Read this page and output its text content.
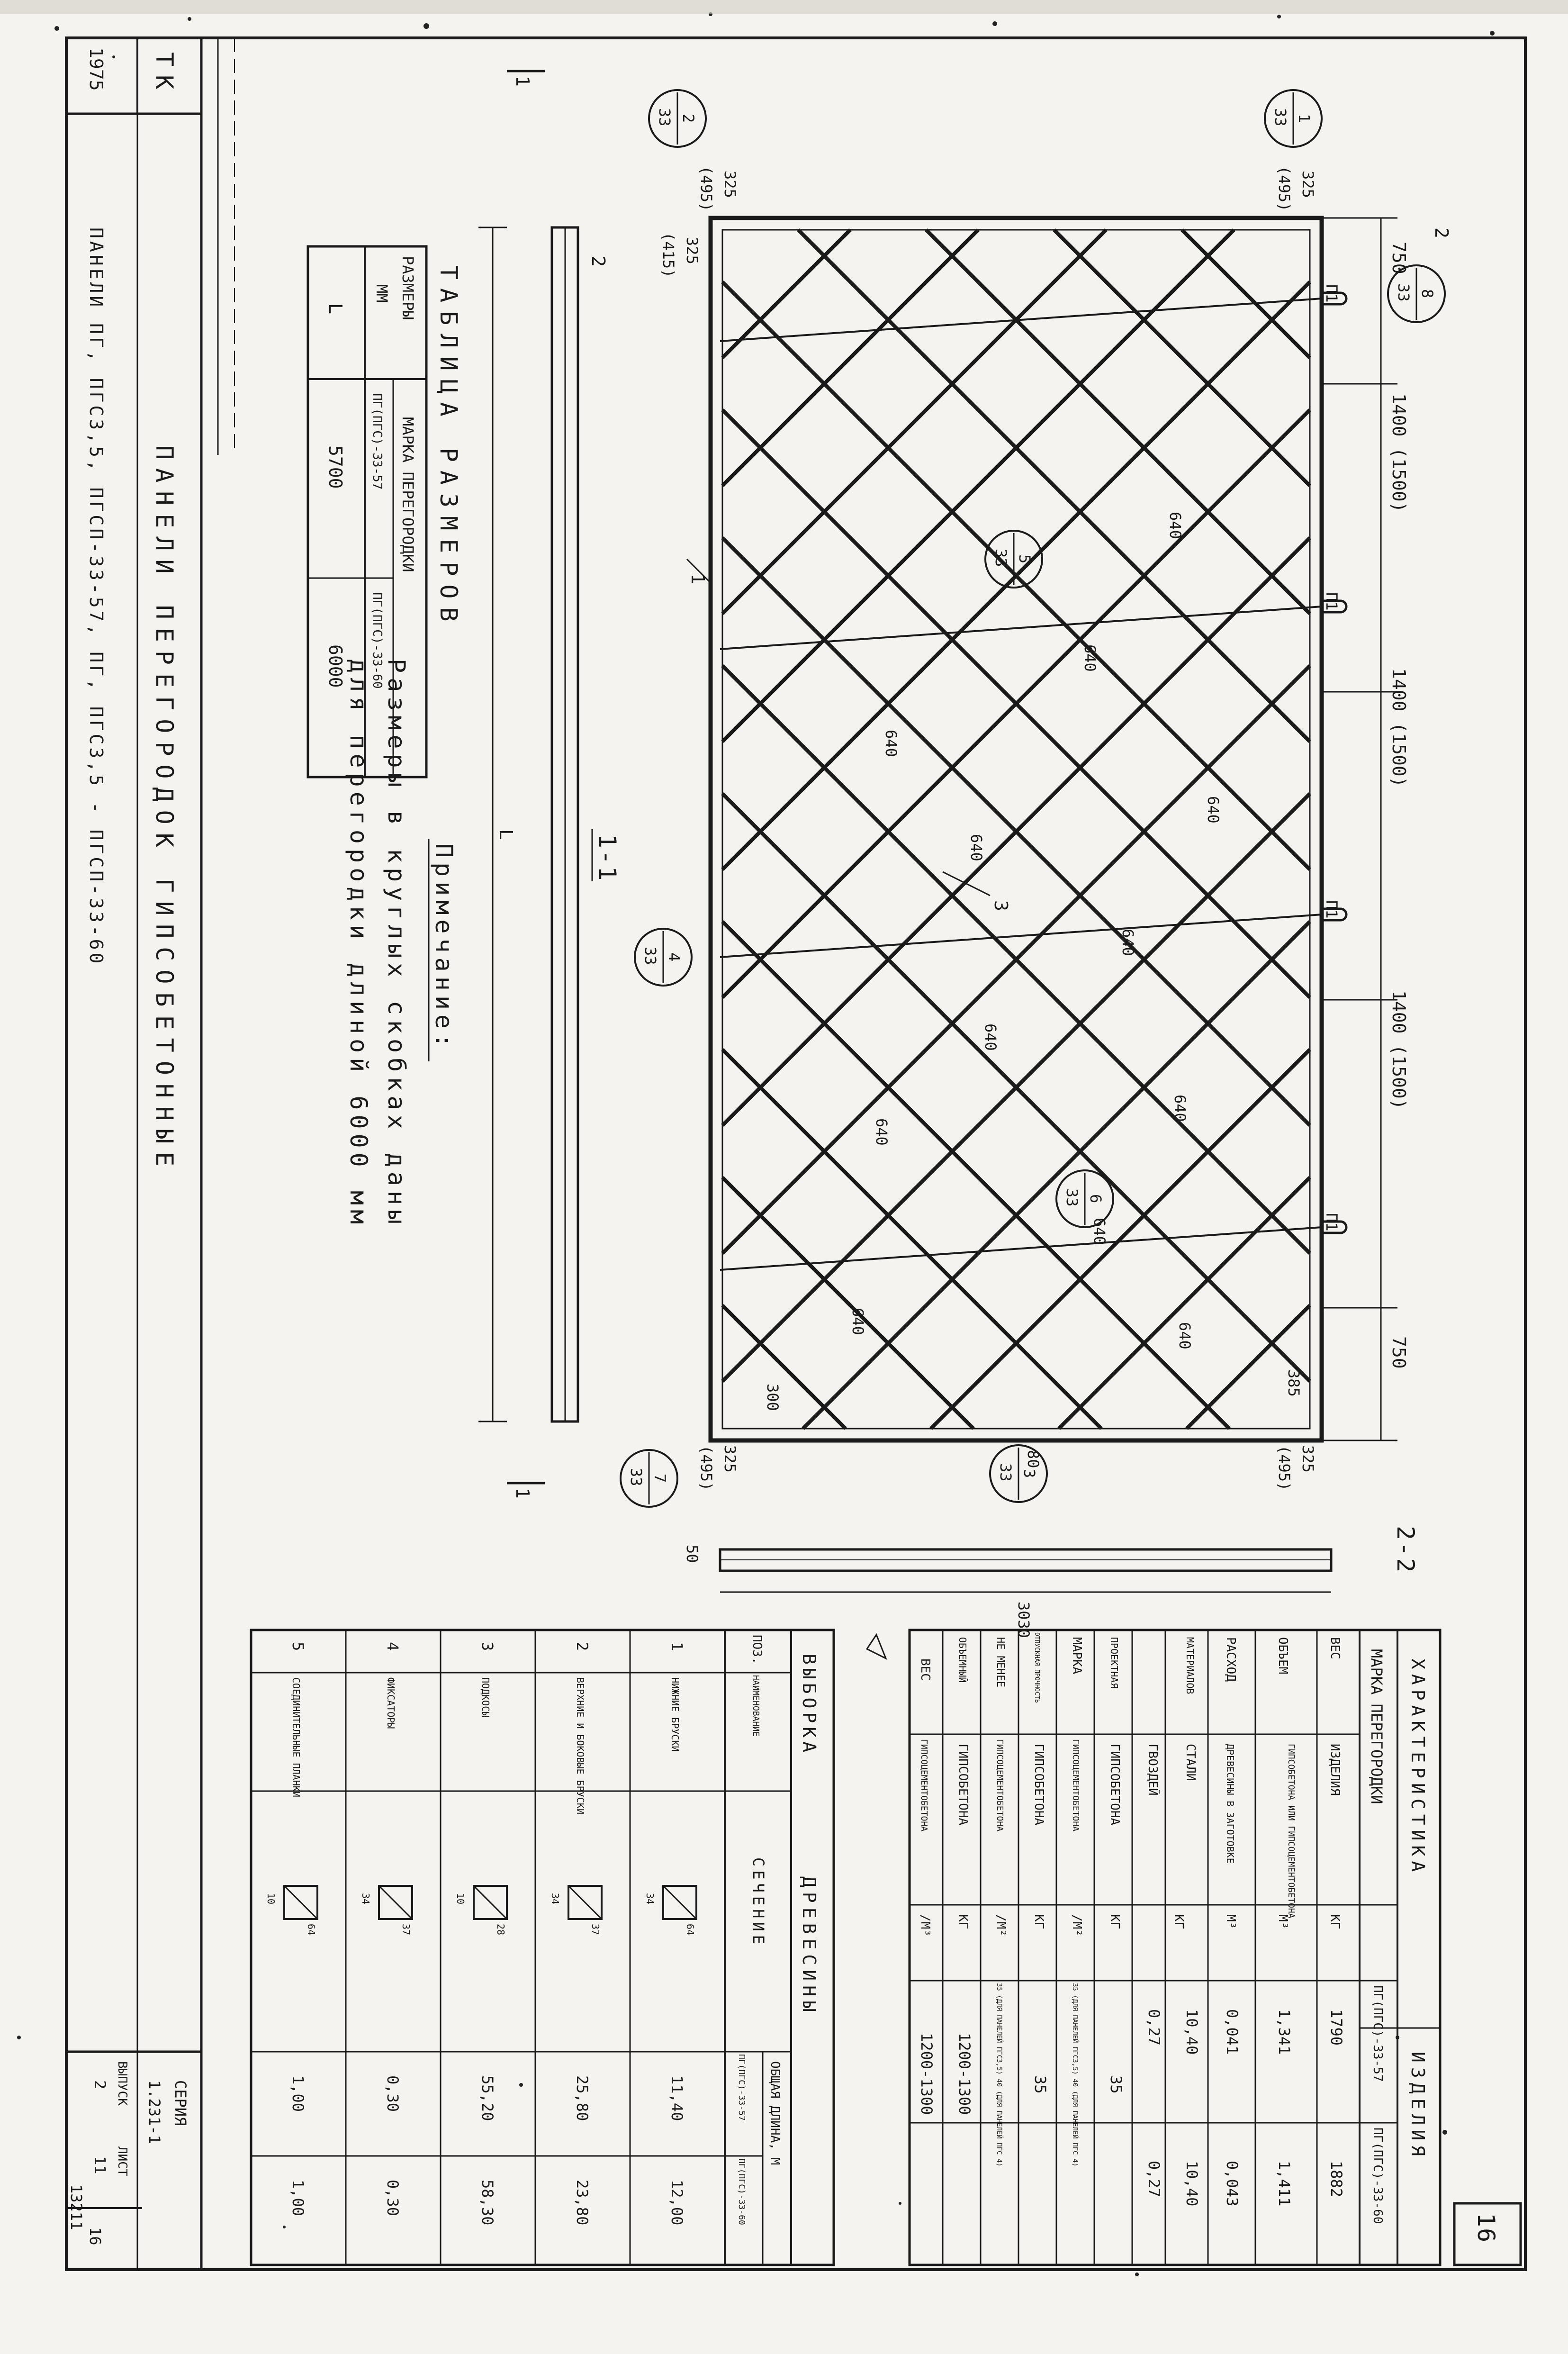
ТК
1975
ПАНЕЛИ ПЕРЕГОРОДОК ГИПСОБЕТОННЫЕ
ПАНЕЛИ ПГ, ПГС3,5, ПГСП-33-57, ПГ, ПГС3,5 - ПГСП-33-60
СЕРИЯ
1.231-1
ВЫПУСК
2
ЛИСТ
11
16
13211	16
750
1400 (1500)
1400 (1500)
1400 (1500)
750
П1
П1
П1
П1
325
(495)
325
(495)
325
(495)
325
(495)
325
(415)
640
640
640
640
640
640
640
640
640
640
640
640
3
1
1
33
2
33
8
33
5
33
4
33
6
33
3
33
7
33
1
1
2
2
1-1
L
2-2
3030
50
300
385
80
Примечание:
Размеры в круглых скобках даны
для перегородки длиной 6000 мм
ТАБЛИЦА РАЗМЕРОВ
РАЗМЕРЫ
ММ
МАРКА ПЕРЕГОРОДКИ
ПГ(ПГС)-33-57
ПГ(ПГС)-33-60
L
5700
6000
ХАРАКТЕРИСТИКА
ИЗДЕЛИЯ
МАРКА ПЕРЕГОРОДКИ
ПГ(ПГС)-33-57
ПГ(ПГС)-33-60
ВЕС
ИЗДЕЛИЯ
КГ
1790
1882
ОБЪЕМ
ГИПСОБЕТОНА ИЛИ ГИПСОЦЕМЕНТОБЕТОНА
М³
1,341
1,411
РАСХОД
ДРЕВЕСИНЫ В ЗАГОТОВКЕ
М³
0,041
0,043
МАТЕРИАЛОВ
СТАЛИ
КГ
10,40
10,40
ГВОЗДЕЙ
0,27
0,27
ПРОЕКТНАЯ
ГИПСОБЕТОНА
КГ
35
МАРКА
ГИПСОЦЕМЕНТОБЕТОНА
/М²
35 (ДЛЯ ПАНЕЛЕЙ ПГС3,5) 40 (ДЛЯ ПАНЕЛЕЙ ПГС 4)
ОТПУСКНАЯ ПРОЧНОСТЬ
ГИПСОБЕТОНА
КГ
35
НЕ МЕНЕЕ
ГИПСОЦЕМЕНТОБЕТОНА
/М²
35 (ДЛЯ ПАНЕЛЕЙ ПГС3,5) 40 (ДЛЯ ПАНЕЛЕЙ ПГС 4)
ОБЪЕМНЫЙ
ГИПСОБЕТОНА
КГ
1200-1300
ВЕС
ГИПСОЦЕМЕНТОБЕТОНА
/М³
1200-1300
ВЫБОРКА
ДРЕВЕСИНЫ
ПОЗ.
НАИМЕНОВАНИЕ
СЕЧЕНИЕ
ОБЩАЯ ДЛИНА, М
ПГ(ПГС)-33-57
ПГ(ПГС)-33-60
1
НИЖНИЕ БРУСКИ
64
34
11,40
12,00
2
ВЕРХНИЕ И БОКОВЫЕ БРУСКИ
37
34
25,80
23,80
3
ПОДКОСЫ
28
10
55,20
58,30
4
ФИКСАТОРЫ
37
34
0,30
0,30
5
СОЕДИНИТЕЛЬНЫЕ ПЛАНКИ
64
10
1,00
1,00
